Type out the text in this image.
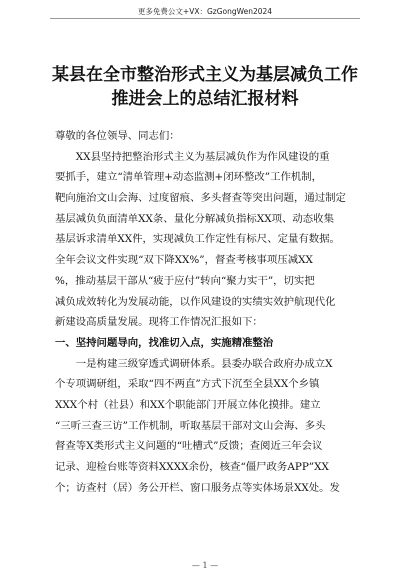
更多免费公文+VX：GzGongWen2024
某县在全市整治形式主义为基层减负工作
推进会上的总结汇报材料
尊敬的各位领导、同志们：
　　XX县坚持把整治形式主义为基层减负作为作风建设的重
要抓手，建立“清单管理+动态监测+闭环整改”工作机制，
靶向施治文山会海、过度留痕、多头督查等突出问题，通过制定
基层减负负面清单XX条、量化分解减负指标XX项、动态收集
基层诉求清单XX件，实现减负工作定性有标尺、定量有数据。
全年会议文件实现“双下降XX%”，督查考核事项压减XX
%，推动基层干部从“疲于应付”转向“聚力实干”，切实把
减负成效转化为发展动能，以作风建设的实绩实效护航现代化
新建设高质量发展。现将工作情况汇报如下：
一、坚持问题导向，找准切入点，实施精准整治
　　一是构建三级穿透式调研体系。县委办联合政府办成立X
个专项调研组，采取“四不两直”方式下沉至全县XX个乡镇
XXX个村（社县）和XX个职能部门开展立体化摸排。建立
“三听三查三访”工作机制，听取基层干部对文山会海、多头
督查等X类形式主义问题的“吐槽式”反馈；查阅近三年会议
记录、迎检台账等资料XXXX余份，核查“僵尸政务APP”XX
个；访查村（居）务公开栏、窗口服务点等实体场景XX处。发
— 1 —
